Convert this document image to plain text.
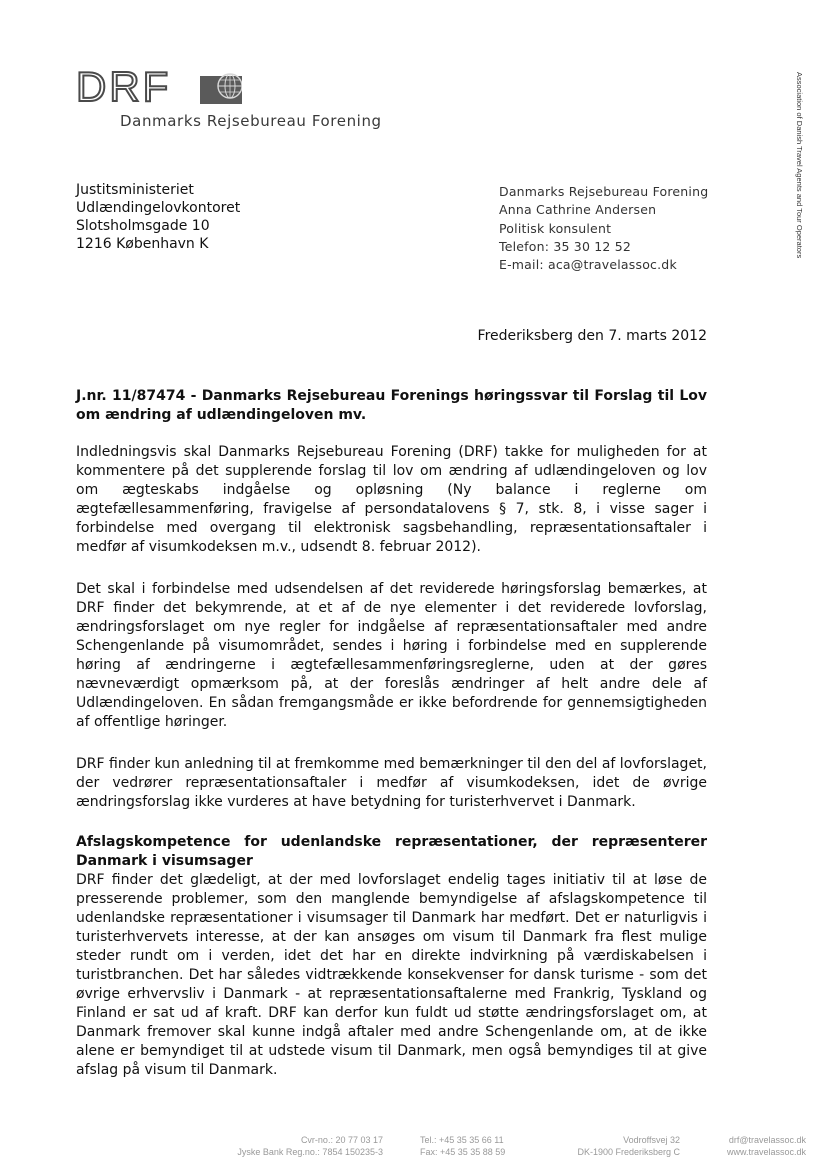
DRF
Danmarks Rejsebureau Forening	Association of Danish Travel Agents and Tour Operators
Justitsministeriet
Udlændingelovkontoret
Slotsholmsgade 10
1216 København K
Danmarks Rejsebureau Forening
Anna Cathrine Andersen
Politisk konsulent
Telefon: 35 30 12 52
E-mail: aca@travelassoc.dk
Frederiksberg den 7. marts 2012
J.nr. 11/87474 - Danmarks Rejsebureau Forenings høringssvar til Forslag til Lov om ændring af udlændingeloven mv.
Indledningsvis skal Danmarks Rejsebureau Forening (DRF) takke for muligheden for at kommentere på det supplerende forslag til lov om ændring af udlændingeloven og lov om ægteskabs indgåelse og opløsning (Ny balance i reglerne om ægtefællesammenføring, fravigelse af persondatalovens § 7, stk. 8, i visse sager i forbindelse med overgang til elektronisk sagsbehandling, repræsentationsaftaler i medfør af visumkodeksen m.v., udsendt 8. februar 2012).
Det skal i forbindelse med udsendelsen af det reviderede høringsforslag bemærkes, at DRF finder det bekymrende, at et af de nye elementer i det reviderede lovforslag, ændringsforslaget om nye regler for indgåelse af repræsentationsaftaler med andre Schengenlande på visumområdet, sendes i høring i forbindelse med en supplerende høring af ændringerne i ægtefællesammenføringsreglerne, uden at der gøres nævneværdigt opmærksom på, at der foreslås ændringer af helt andre dele af Udlændingeloven. En sådan fremgangsmåde er ikke befordrende for gennemsigtigheden af offentlige høringer.
DRF finder kun anledning til at fremkomme med bemærkninger til den del af lovforslaget, der vedrører repræsentationsaftaler i medfør af visumkodeksen, idet de øvrige ændringsforslag ikke vurderes at have betydning for turisterhvervet i Danmark.
Afslagskompetence for udenlandske repræsentationer, der repræsenterer Danmark i visumsager
DRF finder det glædeligt, at der med lovforslaget endelig tages initiativ til at løse de presserende problemer, som den manglende bemyndigelse af afslagskompetence til udenlandske repræsentationer i visumsager til Danmark har medført. Det er naturligvis i turisterhvervets interesse, at der kan ansøges om visum til Danmark fra flest mulige steder rundt om i verden, idet det har en direkte indvirkning på værdiskabelsen i turistbranchen. Det har således vidtrækkende konsekvenser for dansk turisme - som det øvrige erhvervsliv i Danmark - at repræsentationsaftalerne med Frankrig, Tyskland og Finland er sat ud af kraft. DRF kan derfor kun fuldt ud støtte ændringsforslaget om, at Danmark fremover skal kunne indgå aftaler med andre Schengenlande om, at de ikke alene er bemyndiget til at udstede visum til Danmark, men også bemyndiges til at give afslag på visum til Danmark.
Cvr-no.: 20 77 03 17
Jyske Bank Reg.no.: 7854 150235-3
Tel.: +45 35 35 66 11
Fax: +45 35 35 88 59
Vodroffsvej 32
DK-1900 Frederiksberg C
drf@travelassoc.dk
www.travelassoc.dk
